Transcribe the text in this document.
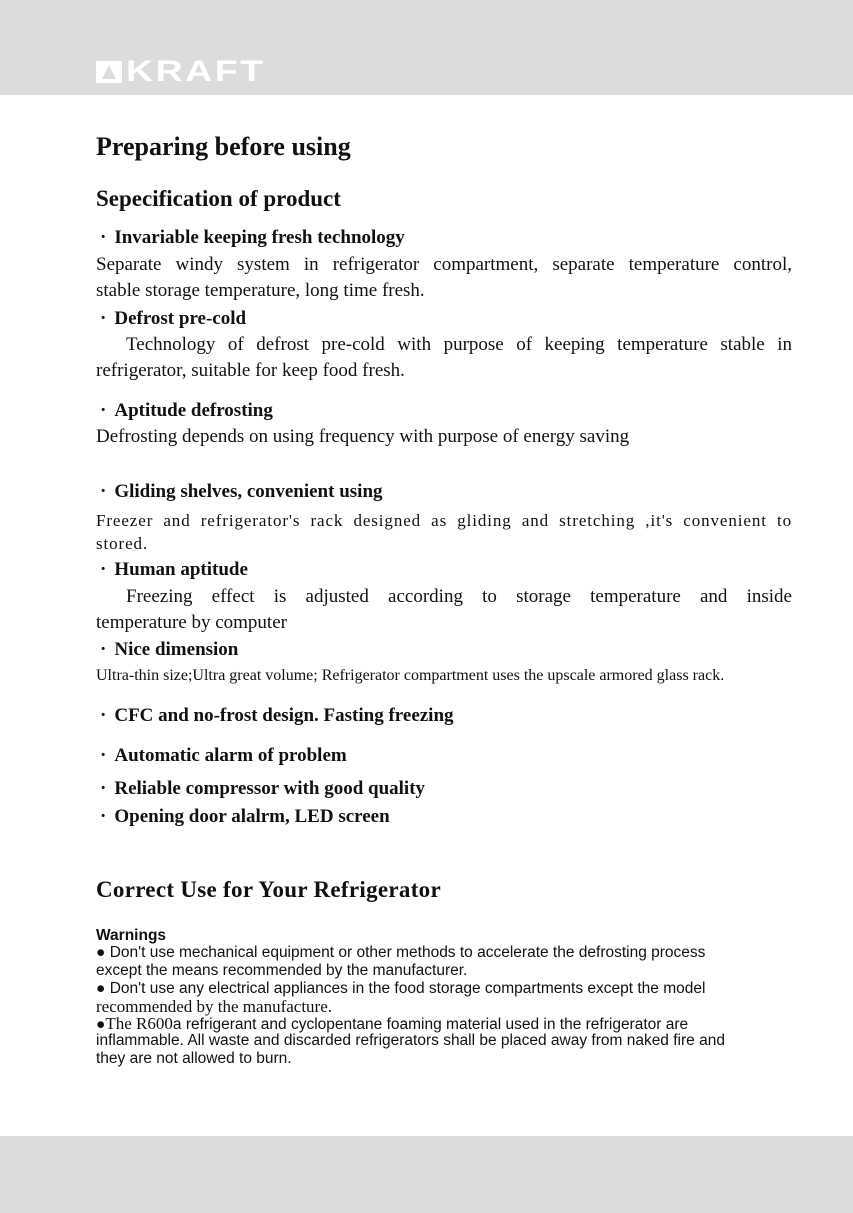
KRAFT
Preparing before using
Sepecification of product
· Invariable keeping fresh technology
Separate windy system in refrigerator compartment, separate temperature control,
stable storage temperature, long time fresh.
· Defrost pre-cold
Technology of defrost pre-cold with purpose of keeping temperature stable in
refrigerator, suitable for keep food fresh.
· Aptitude defrosting
Defrosting depends on using frequency with purpose of energy saving
· Gliding shelves, convenient using
Freezer and refrigerator's rack designed as gliding and stretching ,it's convenient to
stored.
· Human aptitude
Freezing effect is adjusted according to storage temperature and inside
temperature by computer
· Nice dimension
Ultra-thin size;Ultra great volume; Refrigerator compartment uses the upscale armored glass rack.
· CFC and no-frost design. Fasting freezing
· Automatic alarm of problem
· Reliable compressor with good quality
· Opening door alalrm, LED screen
Correct Use for Your Refrigerator
Warnings
● Don't use mechanical equipment or other methods to accelerate the defrosting process
except the means recommended by the manufacturer.
● Don't use any electrical appliances in the food storage compartments except the model
recommended by the manufacture.
●The R600a refrigerant and cyclopentane foaming material used in the refrigerator are
inflammable. All waste and discarded refrigerators shall be placed away from naked fire and
they are not allowed to burn.
